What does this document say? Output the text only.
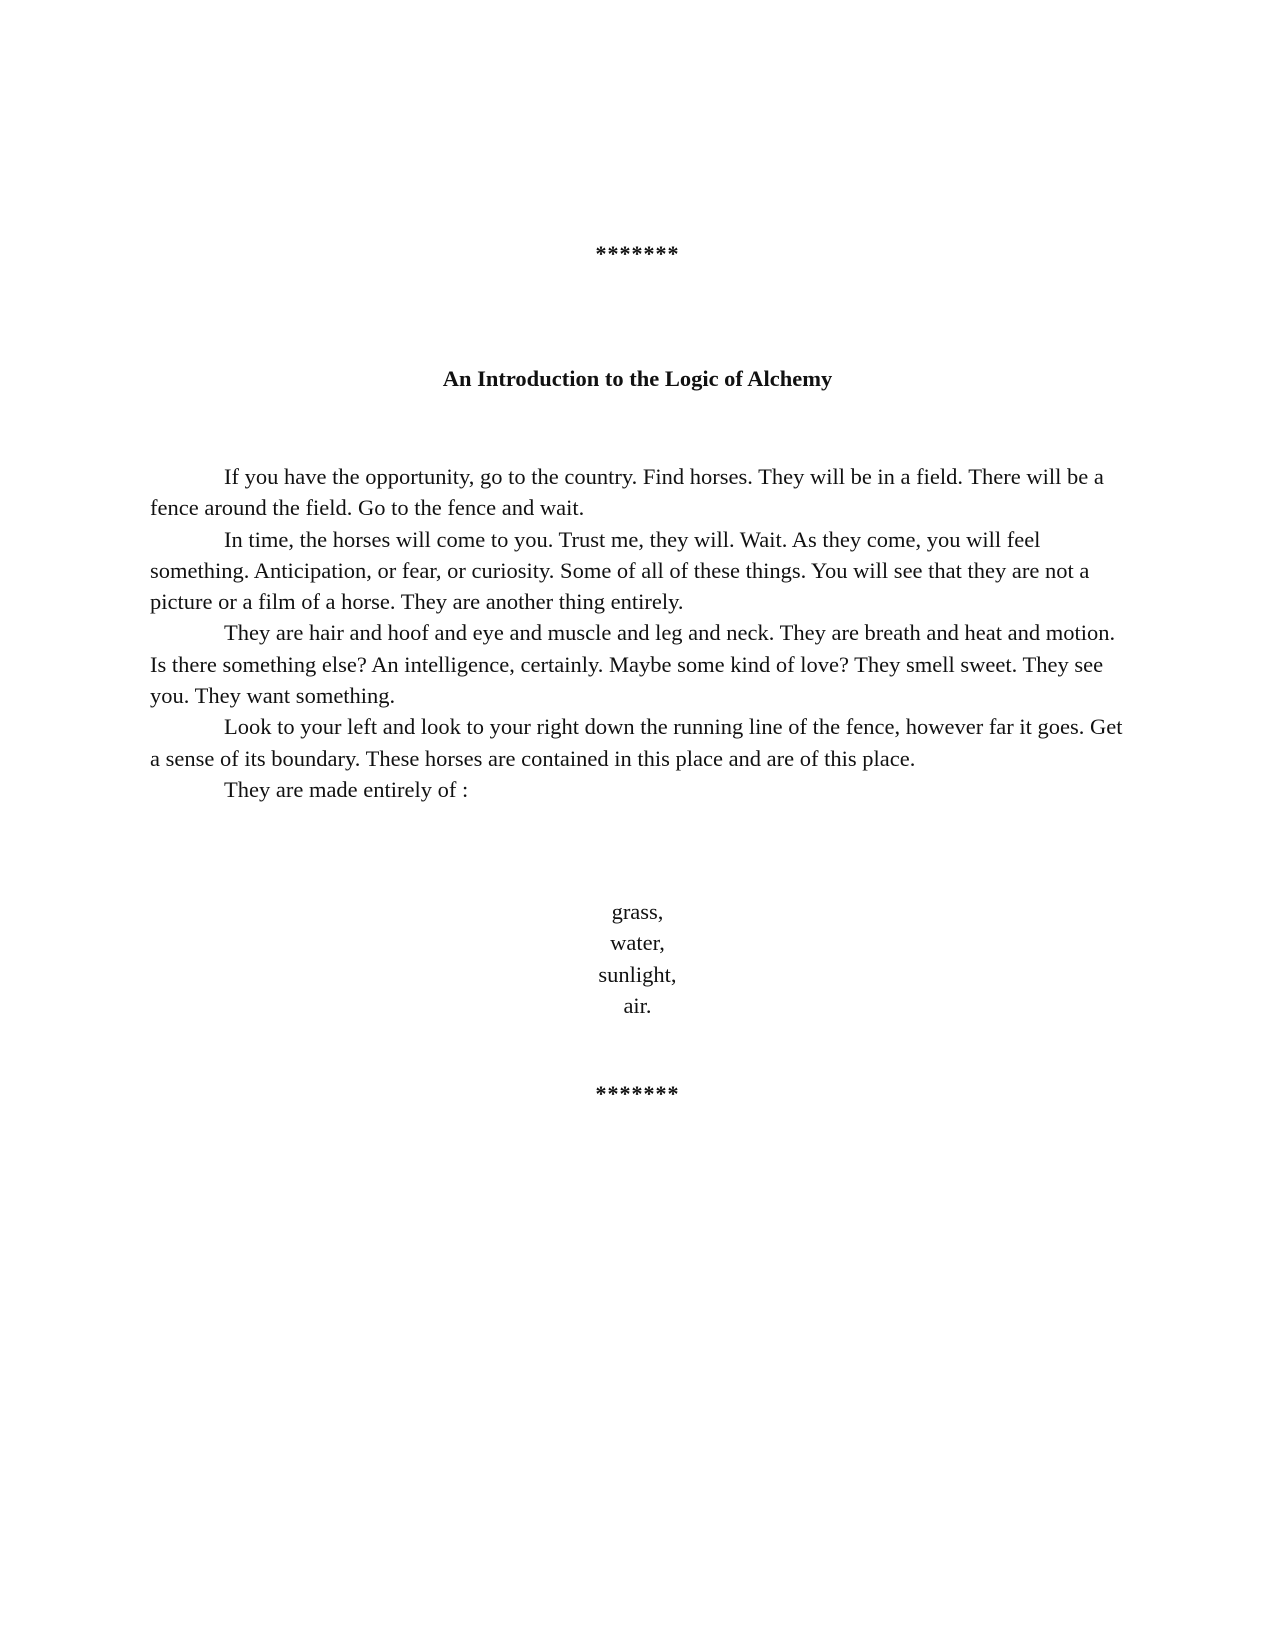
*******
An Introduction to the Logic of Alchemy

If you have the opportunity, go to the country. Find horses. They will be in a field. There will be a fence around the field. Go to the fence and wait.

In time, the horses will come to you. Trust me, they will. Wait. As they come, you will feel something. Anticipation, or fear, or curiosity. Some of all of these things. You will see that they are not a picture or a film of a horse. They are another thing entirely.

They are hair and hoof and eye and muscle and leg and neck. They are breath and heat and motion. Is there something else? An intelligence, certainly. Maybe some kind of love? They smell sweet. They see you. They want something.

Look to your left and look to your right down the running line of the fence, however far it goes. Get a sense of its boundary. These horses are contained in this place and are of this place.

They are made entirely of :

grass,
water,
sunlight,
air.
*******
